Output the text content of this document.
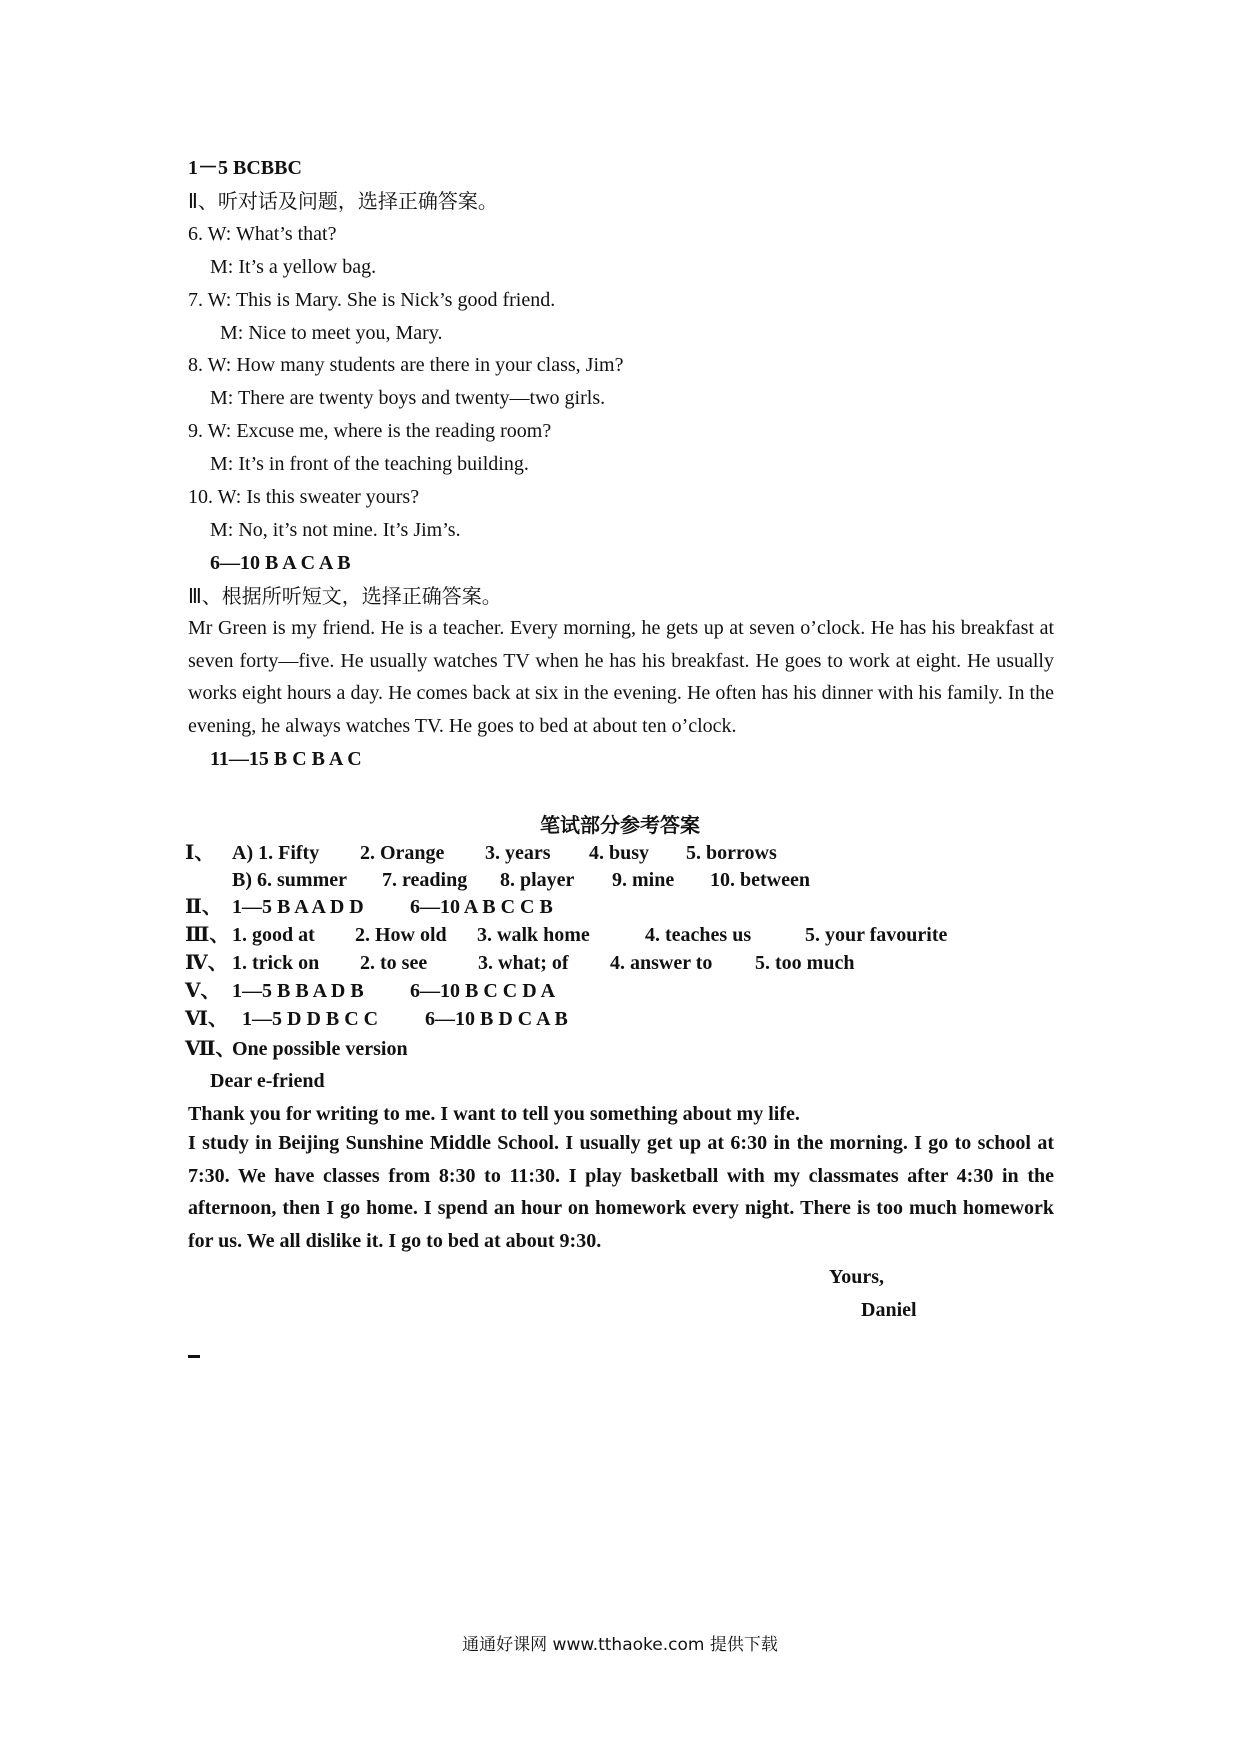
1－5 BCBBC
Ⅱ、听对话及问题，选择正确答案。
6. W: What’s that?
M: It’s a yellow bag.
7. W: This is Mary. She is Nick’s good friend.
M: Nice to meet you, Mary.
8. W: How many students are there in your class, Jim?
M: There are twenty boys and twenty—two girls.
9. W: Excuse me, where is the reading room?
M: It’s in front of the teaching building.
10. W: Is this sweater yours?
M: No, it’s not mine. It’s Jim’s.
6—10 B A C A B
Ⅲ、根据所听短文，选择正确答案。
Mr Green is my friend. He is a teacher. Every morning, he gets up at seven o’clock. He has his breakfast at seven forty—five. He usually watches TV when he has his breakfast. He goes to work at eight. He usually works eight hours a day. He comes back at six in the evening. He often has his dinner with his family. In the evening, he always watches TV. He goes to bed at about ten o’clock.
11—15 B C B A C
笔试部分参考答案
Ⅰ、 A) 1. Fifty 2. Orange 3. years 4. busy 5. borrows
B) 6. summer 7. reading 8. player 9. mine 10. between
Ⅱ、 1—5 B A A D D 6—10 A B C C B
Ⅲ、 1. good at 2. How old 3. walk home	4. teaches us	5. your favourite
Ⅳ、 1. trick on 2. to see	3. what; of 4. answer to 5. too much
Ⅴ、 1—5 B B A D B 6—10 B C C D A
Ⅵ、 1—5 D D B C C 6—10 B D C A B
Ⅶ、One possible version
Dear e-friend
Thank you for writing to me. I want to tell you something about my life.
I study in Beijing Sunshine Middle School. I usually get up at 6:30 in the morning. I go to school at 7:30. We have classes from 8:30 to 11:30. I play basketball with my classmates after 4:30 in the afternoon, then I go home. I spend an hour on homework every night. There is too much homework for us. We all dislike it. I go to bed at about 9:30.
Yours,
Daniel
通通好课网 www.tthaoke.com 提供下载
